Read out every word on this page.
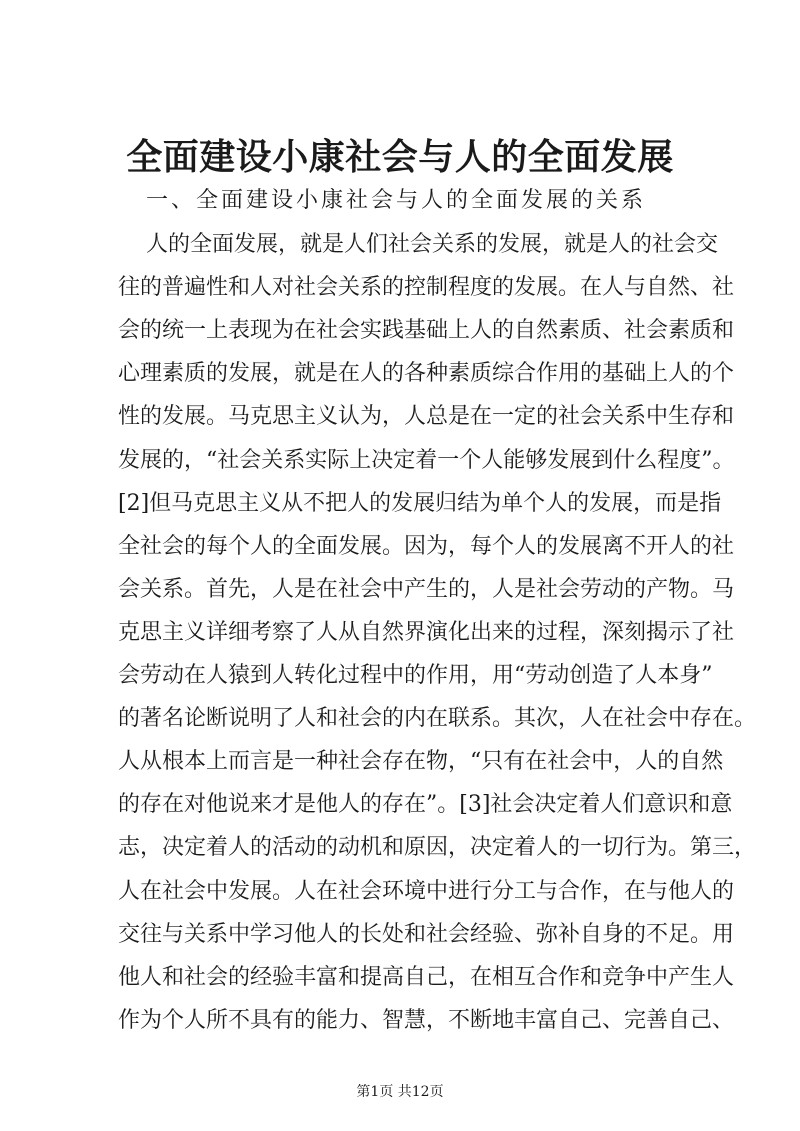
全面建设小康社会与人的全面发展
一、全面建设小康社会与人的全面发展的关系
人的全面发展，就是人们社会关系的发展，就是人的社会交
往的普遍性和人对社会关系的控制程度的发展。在人与自然、社
会的统一上表现为在社会实践基础上人的自然素质、社会素质和
心理素质的发展，就是在人的各种素质综合作用的基础上人的个
性的发展。马克思主义认为，人总是在一定的社会关系中生存和
发展的，“社会关系实际上决定着一个人能够发展到什么程度”。
[2]但马克思主义从不把人的发展归结为单个人的发展，而是指
全社会的每个人的全面发展。因为，每个人的发展离不开人的社
会关系。首先，人是在社会中产生的，人是社会劳动的产物。马
克思主义详细考察了人从自然界演化出来的过程，深刻揭示了社
会劳动在人猿到人转化过程中的作用，用“劳动创造了人本身”
的著名论断说明了人和社会的内在联系。其次，人在社会中存在。
人从根本上而言是一种社会存在物，“只有在社会中，人的自然
的存在对他说来才是他人的存在”。[3]社会决定着人们意识和意
志，决定着人的活动的动机和原因，决定着人的一切行为。第三，
人在社会中发展。人在社会环境中进行分工与合作，在与他人的
交往与关系中学习他人的长处和社会经验、弥补自身的不足。用
他人和社会的经验丰富和提高自己，在相互合作和竞争中产生人
作为个人所不具有的能力、智慧，不断地丰富自己、完善自己、
第1页 共12页
